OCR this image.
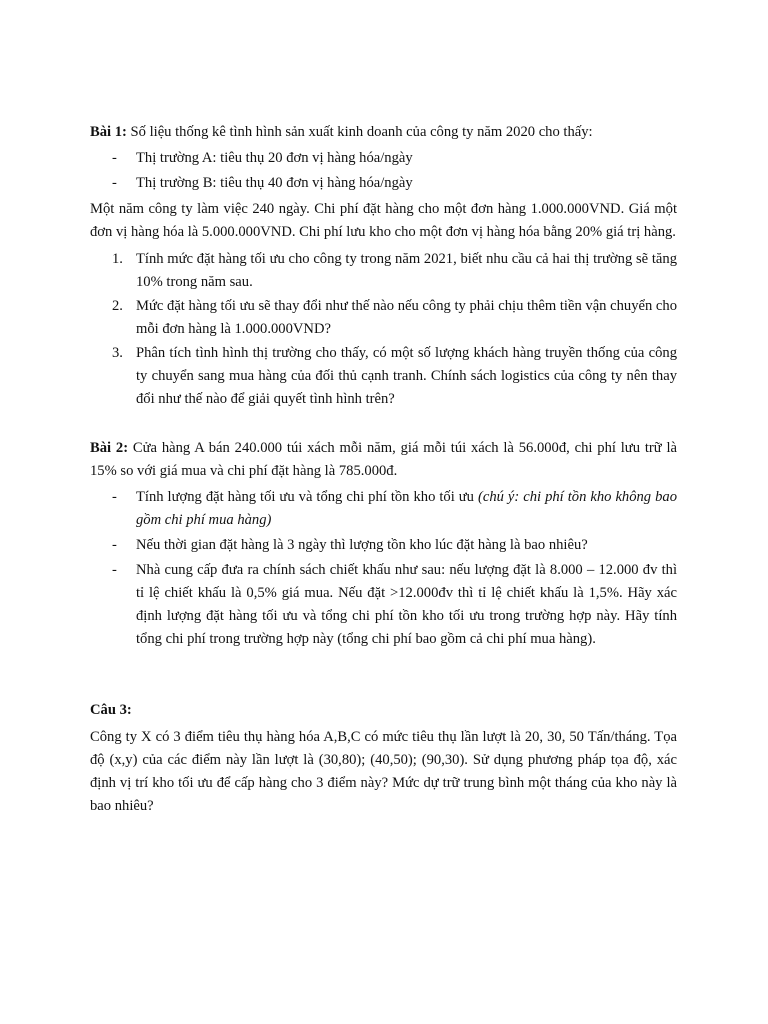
Bài 1: Số liệu thống kê tình hình sản xuất kinh doanh của công ty năm 2020 cho thấy:

- Thị trường A: tiêu thụ 20 đơn vị hàng hóa/ngày
- Thị trường B: tiêu thụ 40 đơn vị hàng hóa/ngày

Một năm công ty làm việc 240 ngày. Chi phí đặt hàng cho một đơn hàng 1.000.000VND. Giá một đơn vị hàng hóa là 5.000.000VND. Chi phí lưu kho cho một đơn vị hàng hóa bằng 20% giá trị hàng.

1. Tính mức đặt hàng tối ưu cho công ty trong năm 2021, biết nhu cầu cả hai thị trường sẽ tăng 10% trong năm sau.
2. Mức đặt hàng tối ưu sẽ thay đổi như thế nào nếu công ty phải chịu thêm tiền vận chuyển cho mỗi đơn hàng là 1.000.000VND?
3. Phân tích tình hình thị trường cho thấy, có một số lượng khách hàng truyền thống của công ty chuyển sang mua hàng của đối thủ cạnh tranh. Chính sách logistics của công ty nên thay đổi như thế nào để giải quyết tình hình trên?

Bài 2: Cửa hàng A bán 240.000 túi xách mỗi năm, giá mỗi túi xách là 56.000đ, chi phí lưu trữ là 15% so với giá mua và chi phí đặt hàng là 785.000đ.

- Tính lượng đặt hàng tối ưu và tổng chi phí tồn kho tối ưu (chú ý: chi phí tồn kho không bao gồm chi phí mua hàng)
- Nếu thời gian đặt hàng là 3 ngày thì lượng tồn kho lúc đặt hàng là bao nhiêu?
- Nhà cung cấp đưa ra chính sách chiết khấu như sau: nếu lượng đặt là 8.000 – 12.000 đv thì tỉ lệ chiết khấu là 0,5% giá mua. Nếu đặt >12.000đv thì tỉ lệ chiết khấu là 1,5%. Hãy xác định lượng đặt hàng tối ưu và tổng chi phí tồn kho tối ưu trong trường hợp này. Hãy tính tổng chi phí trong trường hợp này (tổng chi phí bao gồm cả chi phí mua hàng).

Câu 3:

Công ty X có 3 điểm tiêu thụ hàng hóa A,B,C có mức tiêu thụ lần lượt là 20, 30, 50 Tấn/tháng. Tọa độ (x,y) của các điểm này lần lượt là (30,80); (40,50); (90,30). Sử dụng phương pháp tọa độ, xác định vị trí kho tối ưu để cấp hàng cho 3 điểm này? Mức dự trữ trung bình một tháng của kho này là bao nhiêu?
